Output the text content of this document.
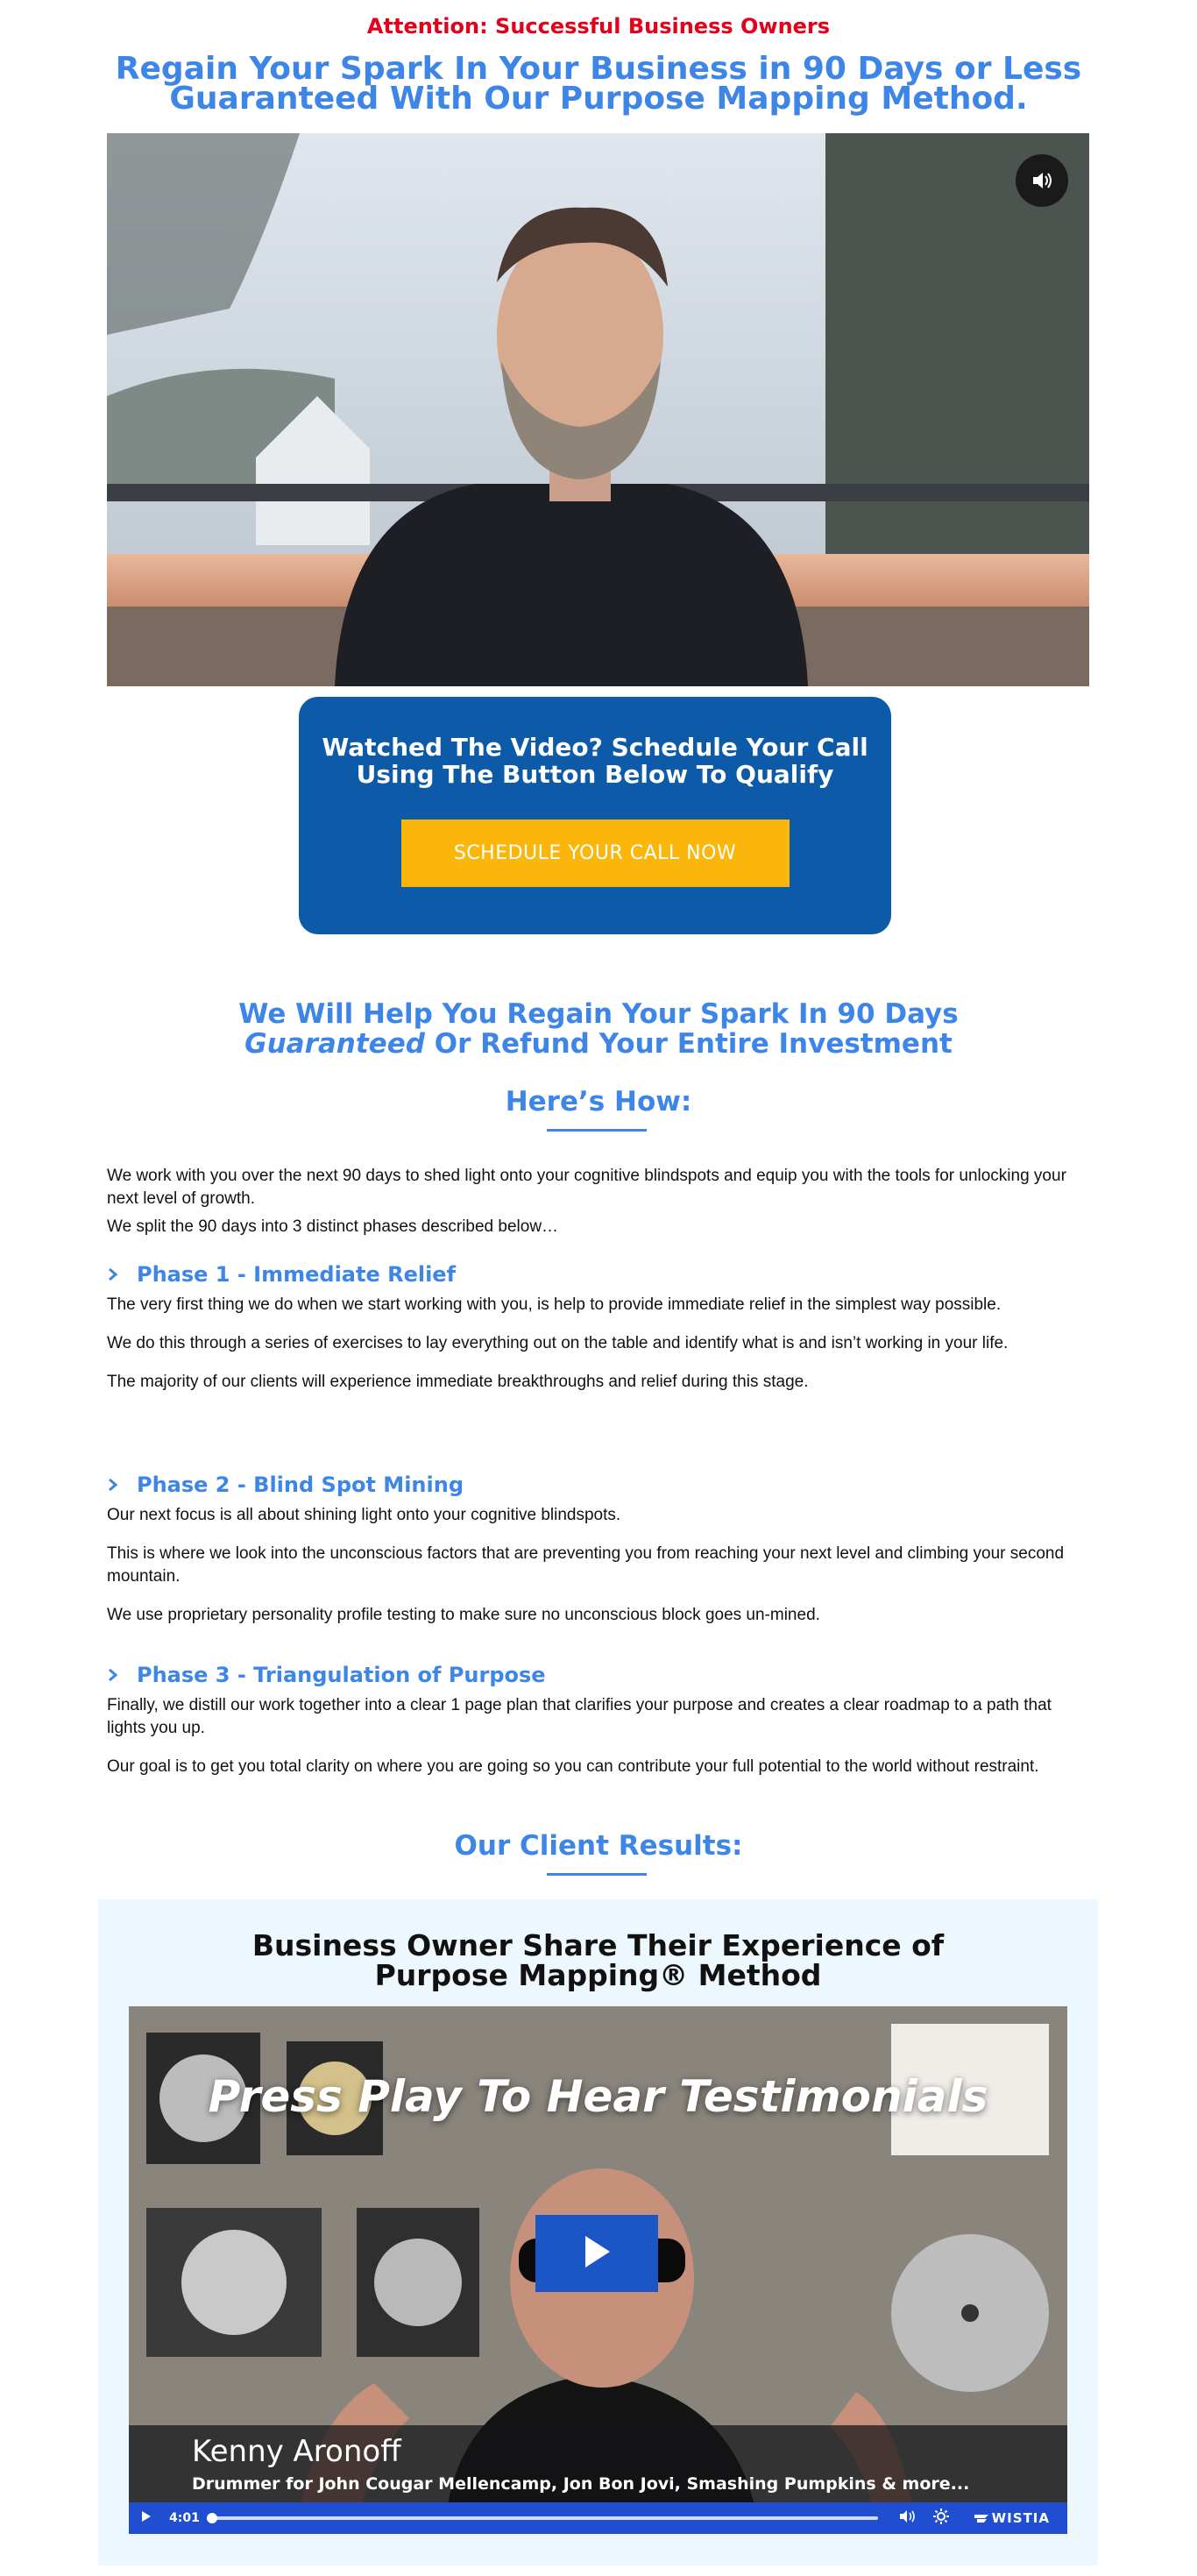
Attention: Successful Business Owners
Regain Your Spark In Your Business in 90 Days or Less
Guaranteed With Our Purpose Mapping Method.
Watched The Video? Schedule Your Call
Using The Button Below To Qualify
SCHEDULE YOUR CALL NOW
We Will Help You Regain Your Spark In 90 Days
Guaranteed Or Refund Your Entire Investment
Here’s How:
We work with you over the next 90 days to shed light onto your cognitive blindspots and equip you with the tools for unlocking your next level of growth.
We split the 90 days into 3 distinct phases described below…
Phase 1 - Immediate Relief

The very first thing we do when we start working with you, is help to provide immediate relief in the simplest way possible.

We do this through a series of exercises to lay everything out on the table and identify what is and isn’t working in your life.

The majority of our clients will experience immediate breakthroughs and relief during this stage.

Phase 2 - Blind Spot Mining

Our next focus is all about shining light onto your cognitive blindspots.

This is where we look into the unconscious factors that are preventing you from reaching your next level and climbing your second mountain.

We use proprietary personality profile testing to make sure no unconscious block goes un-mined.

Phase 3 - Triangulation of Purpose

Finally, we distill our work together into a clear 1 page plan that clarifies your purpose and creates a clear roadmap to a path that lights you up.

Our goal is to get you total clarity on where you are going so you can contribute your full potential to the world without restraint.

Our Client Results:
Business Owner Share Their Experience of
Purpose Mapping® Method
Press Play To Hear Testimonials
Kenny Aronoff
Drummer for John Cougar Mellencamp, Jon Bon Jovi, Smashing Pumpkins & more...
4:01	WISTIA
